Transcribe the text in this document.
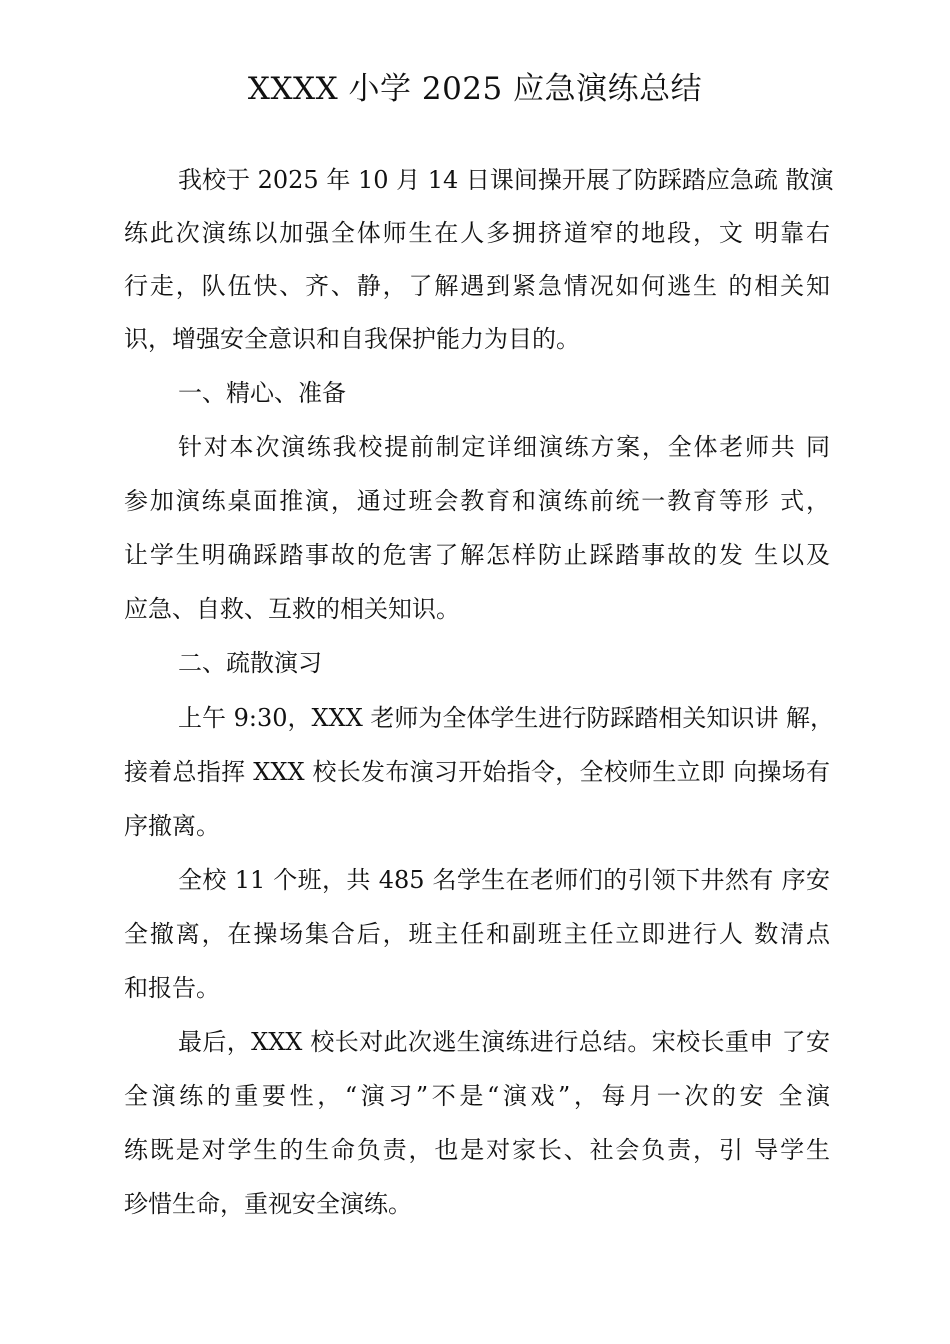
XXXX 小学 2025 应急演练总结

我校于 2025 年 10 月 14 日课间操开展了防踩踏应急疏 散演

练此次演练以加强全体师生在人多拥挤道窄的地段，文 明靠右

行走，队伍快、齐、静，了解遇到紧急情况如何逃生 的相关知

识，增强安全意识和自我保护能力为目的。

一、精心、准备

针对本次演练我校提前制定详细演练方案，全体老师共 同

参加演练桌面推演，通过班会教育和演练前统一教育等形 式，

让学生明确踩踏事故的危害了解怎样防止踩踏事故的发 生以及

应急、自救、互救的相关知识。

二、疏散演习

上午 9:30，XXX 老师为全体学生进行防踩踏相关知识讲 解，

接着总指挥 XXX 校长发布演习开始指令，全校师生立即 向操场有

序撤离。

全校 11 个班，共 485 名学生在老师们的引领下井然有 序安

全撤离，在操场集合后，班主任和副班主任立即进行人 数清点

和报告。

最后，XXX 校长对此次逃生演练进行总结。宋校长重申 了安

全演练的重要性，“演习”不是“演戏”，每月一次的安 全演

练既是对学生的生命负责，也是对家长、社会负责，引 导学生

珍惜生命，重视安全演练。
